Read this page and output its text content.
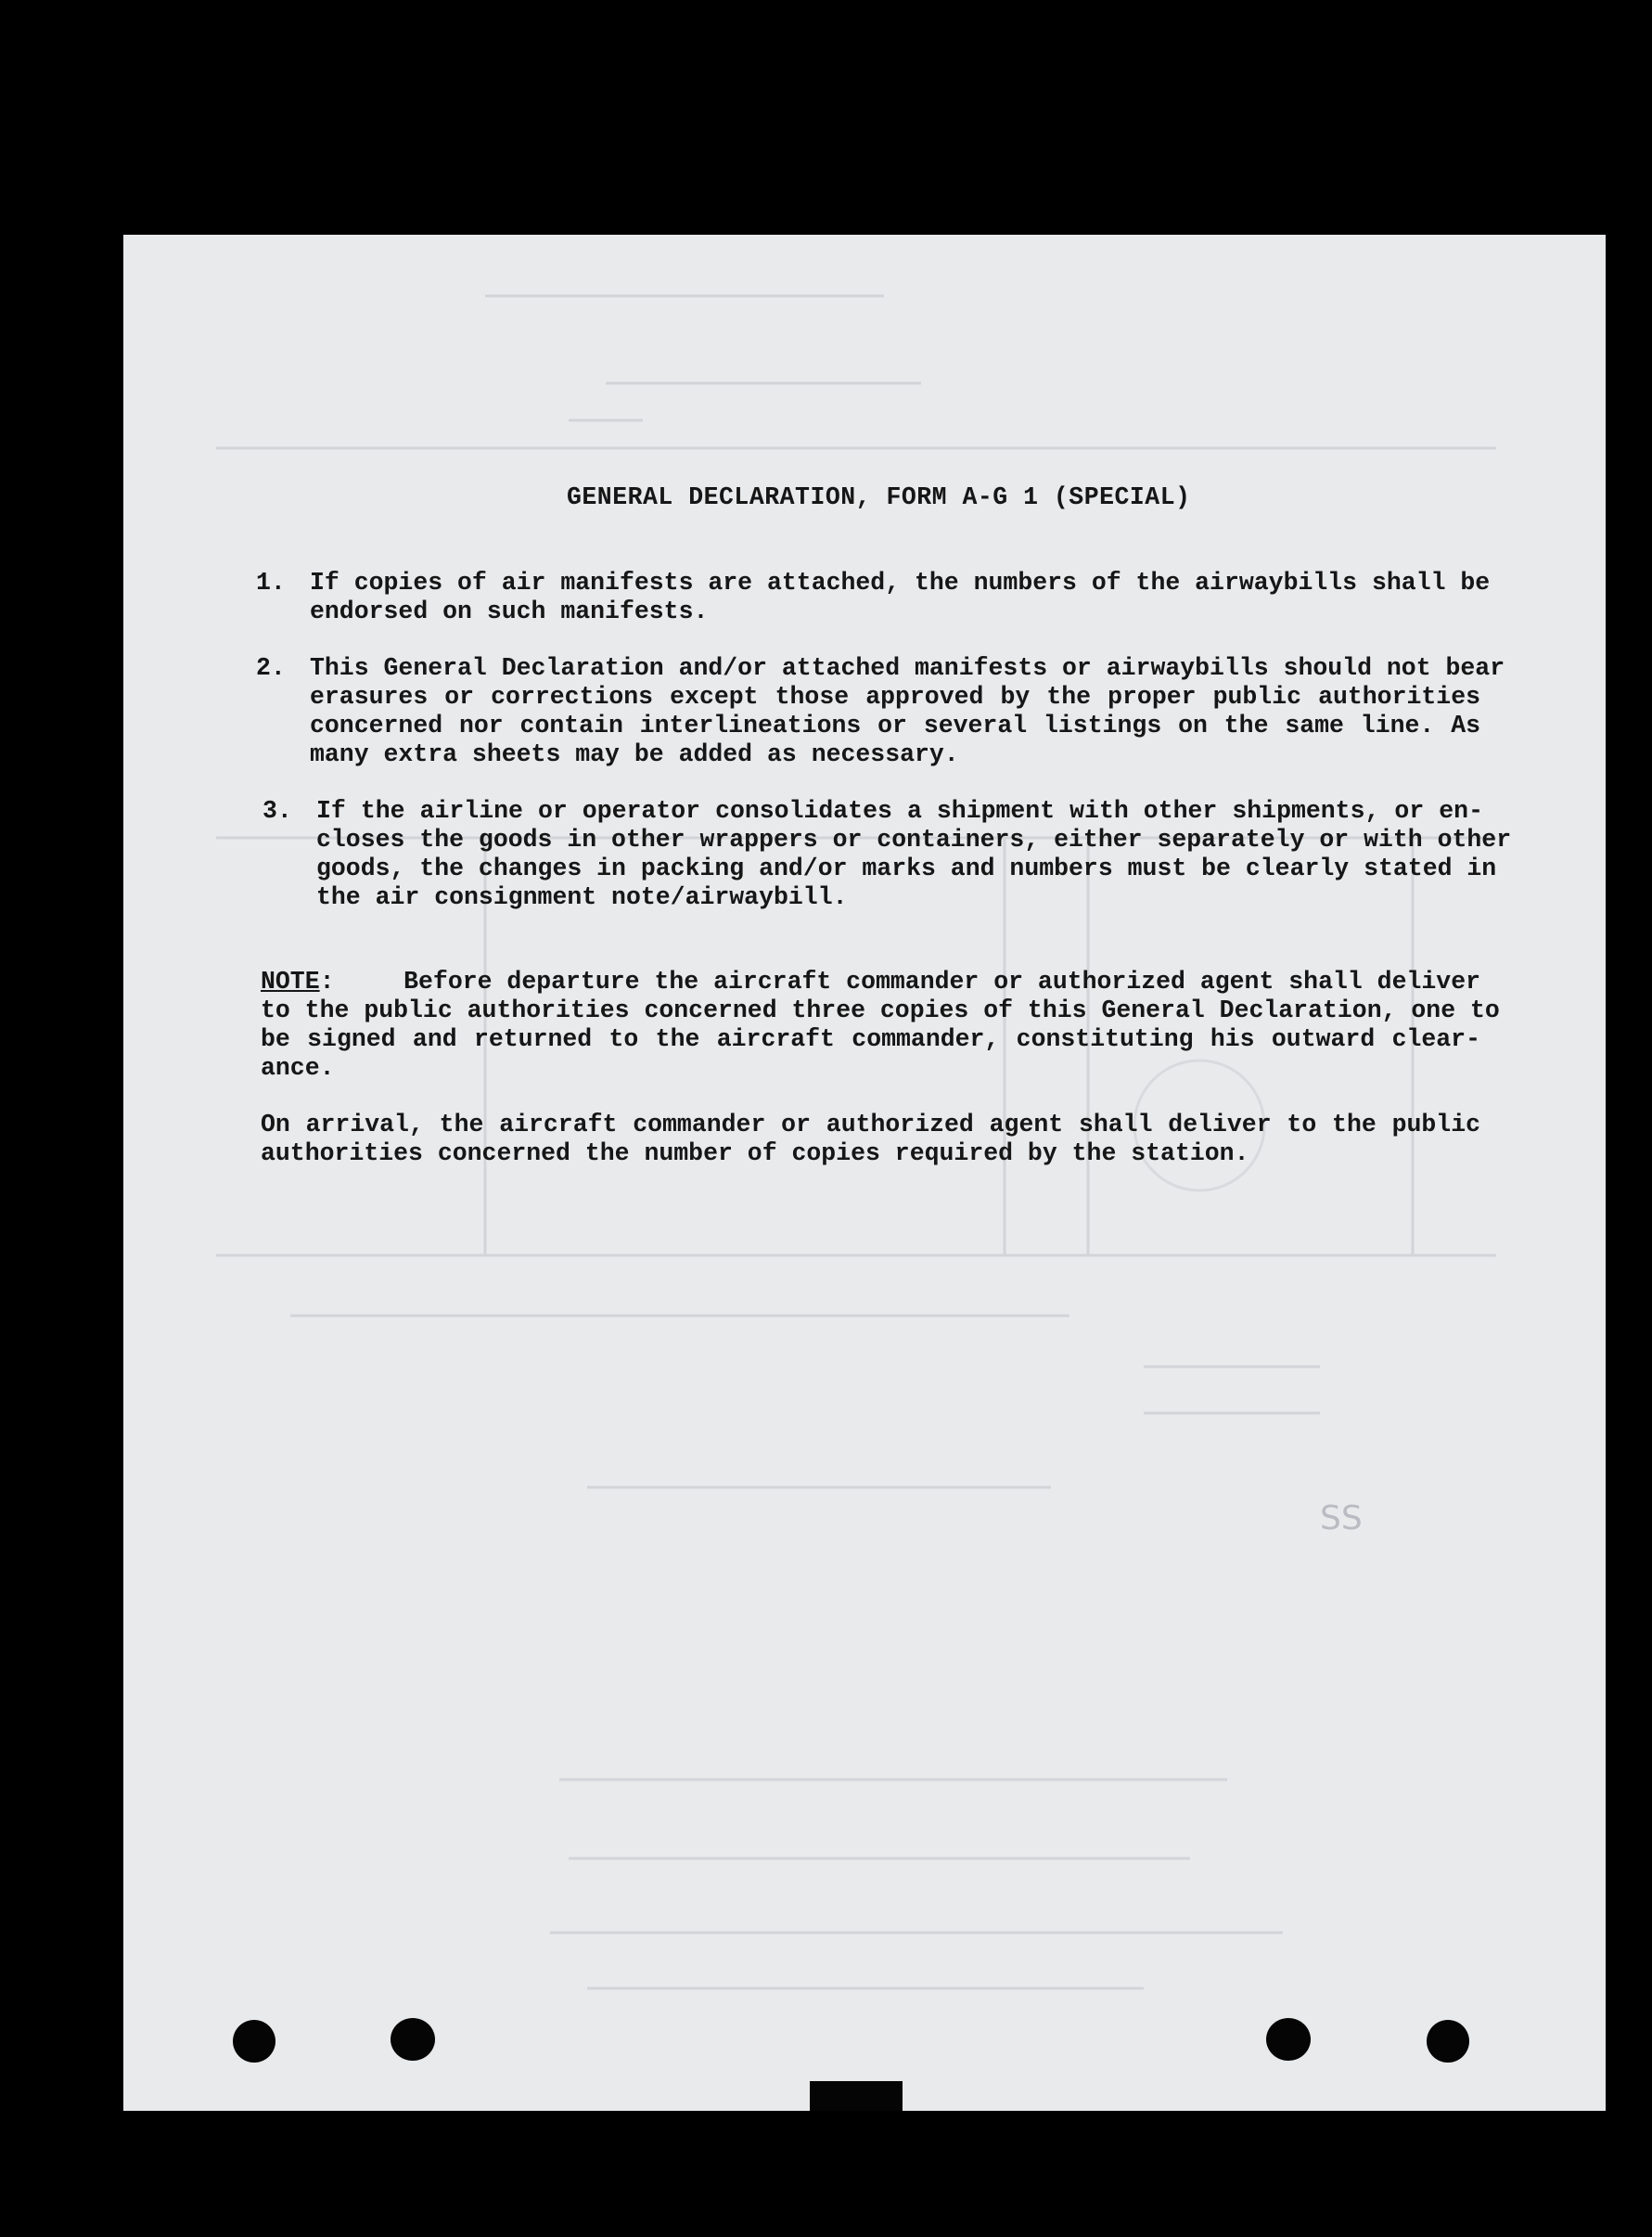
SS
GENERAL DECLARATION, FORM A-G 1 (SPECIAL)
1. If copies of air manifests are attached, the numbers of the airwaybills shall be
endorsed on such manifests.
2. This General Declaration and/or attached manifests or airwaybills should not bear
erasures or corrections except those approved by the proper public authorities
concerned nor contain interlineations or several listings on the same line. As
many extra sheets may be added as necessary.
3. If the airline or operator consolidates a shipment with other shipments, or en-
closes the goods in other wrappers or containers, either separately or with other
goods, the changes in packing and/or marks and numbers must be clearly stated in
the air consignment note/airwaybill.
NOTE:	Before departure the aircraft commander or authorized agent shall deliver
to the public authorities concerned three copies of this General Declaration, one to
be signed and returned to the aircraft commander, constituting his outward clear-
ance.
On arrival, the aircraft commander or authorized agent shall deliver to the public
authorities concerned the number of copies required by the station.
